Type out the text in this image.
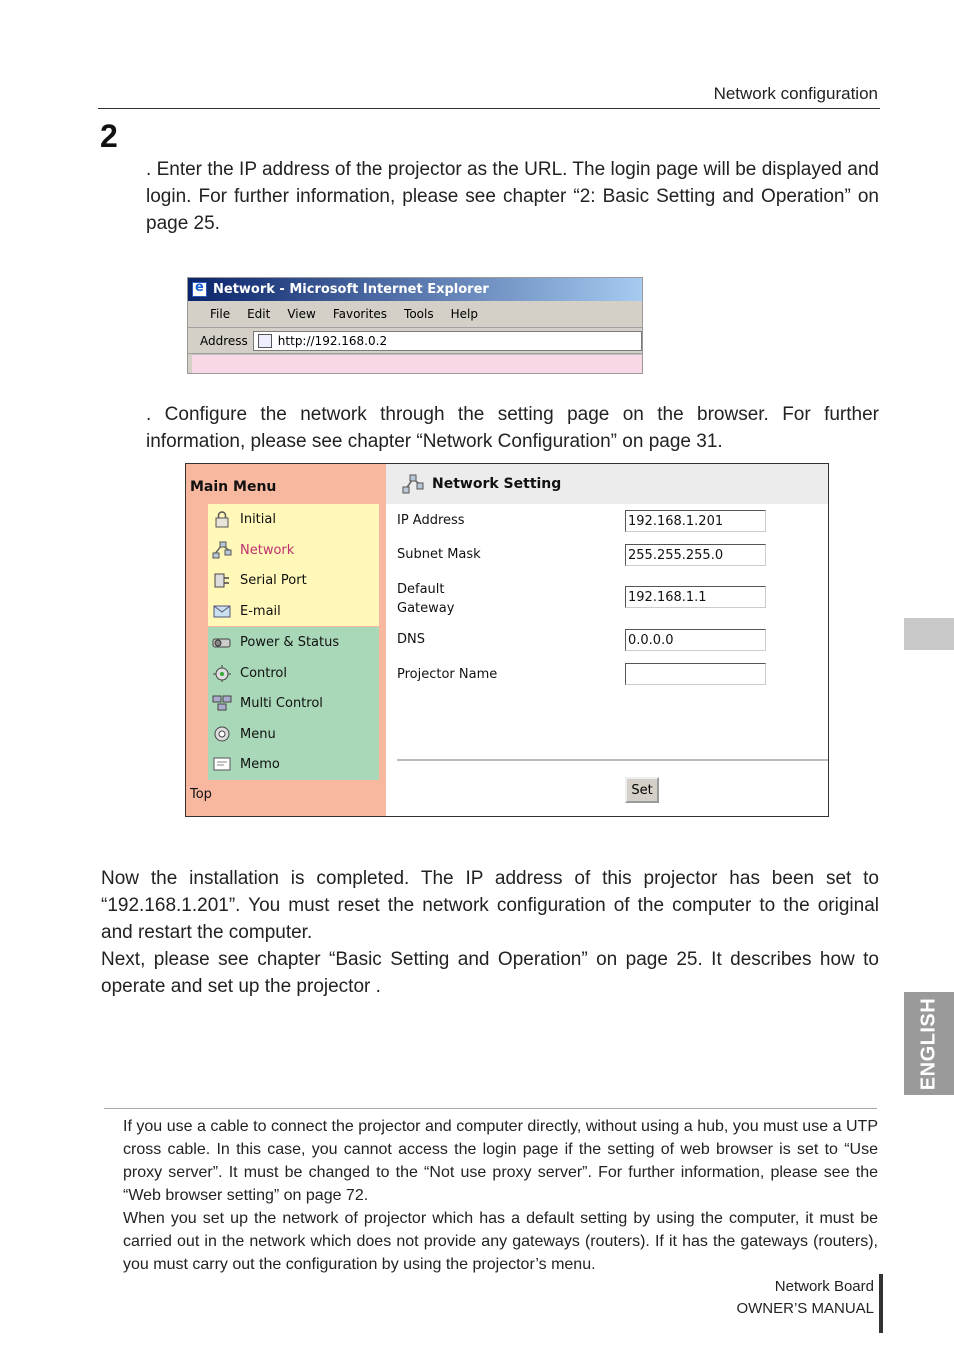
Network configuration
2
. Enter the IP address of the projector as the URL. The login page will be displayed and login. For further information, please see chapter “2: Basic Setting and Operation” on page 25.
e
Network - Microsoft Internet Explorer
File Edit View Favorites Tools Help
Address	http://192.168.0.2
. Configure the network through the setting page on the browser. For further information, please see chapter “Network Configuration” on page 31.
Main Menu
Initial
Network
Serial Port
E-mail
Power & Status
Control
Multi Control
Menu
Memo
Top
Network Setting
IP Address
192.168.1.201
Subnet Mask
255.255.255.0
Default
Gateway
192.168.1.1
DNS
0.0.0.0
Projector Name
Set
Now the installation is completed. The IP address of this projector has been set to “192.168.1.201”. You must reset the network configuration of the computer to the original and restart the computer.
Next, please see chapter “Basic Setting and Operation” on page 25. It describes how to operate and set up the projector .
ENGLISH
If you use a cable to connect the projector and computer directly, without using a hub, you must use a UTP cross cable. In this case, you cannot access the login page if the setting of web browser is set to “Use proxy server”. It must be changed to the “Not use proxy server”. For further information, please see the “Web browser setting” on page 72.
When you set up the network of projector which has a default setting by using the computer, it must be carried out in the network which does not provide any gateways (routers). If it has the gateways (routers), you must carry out the configuration by using the projector’s menu.
Network Board
OWNER’S MANUAL
